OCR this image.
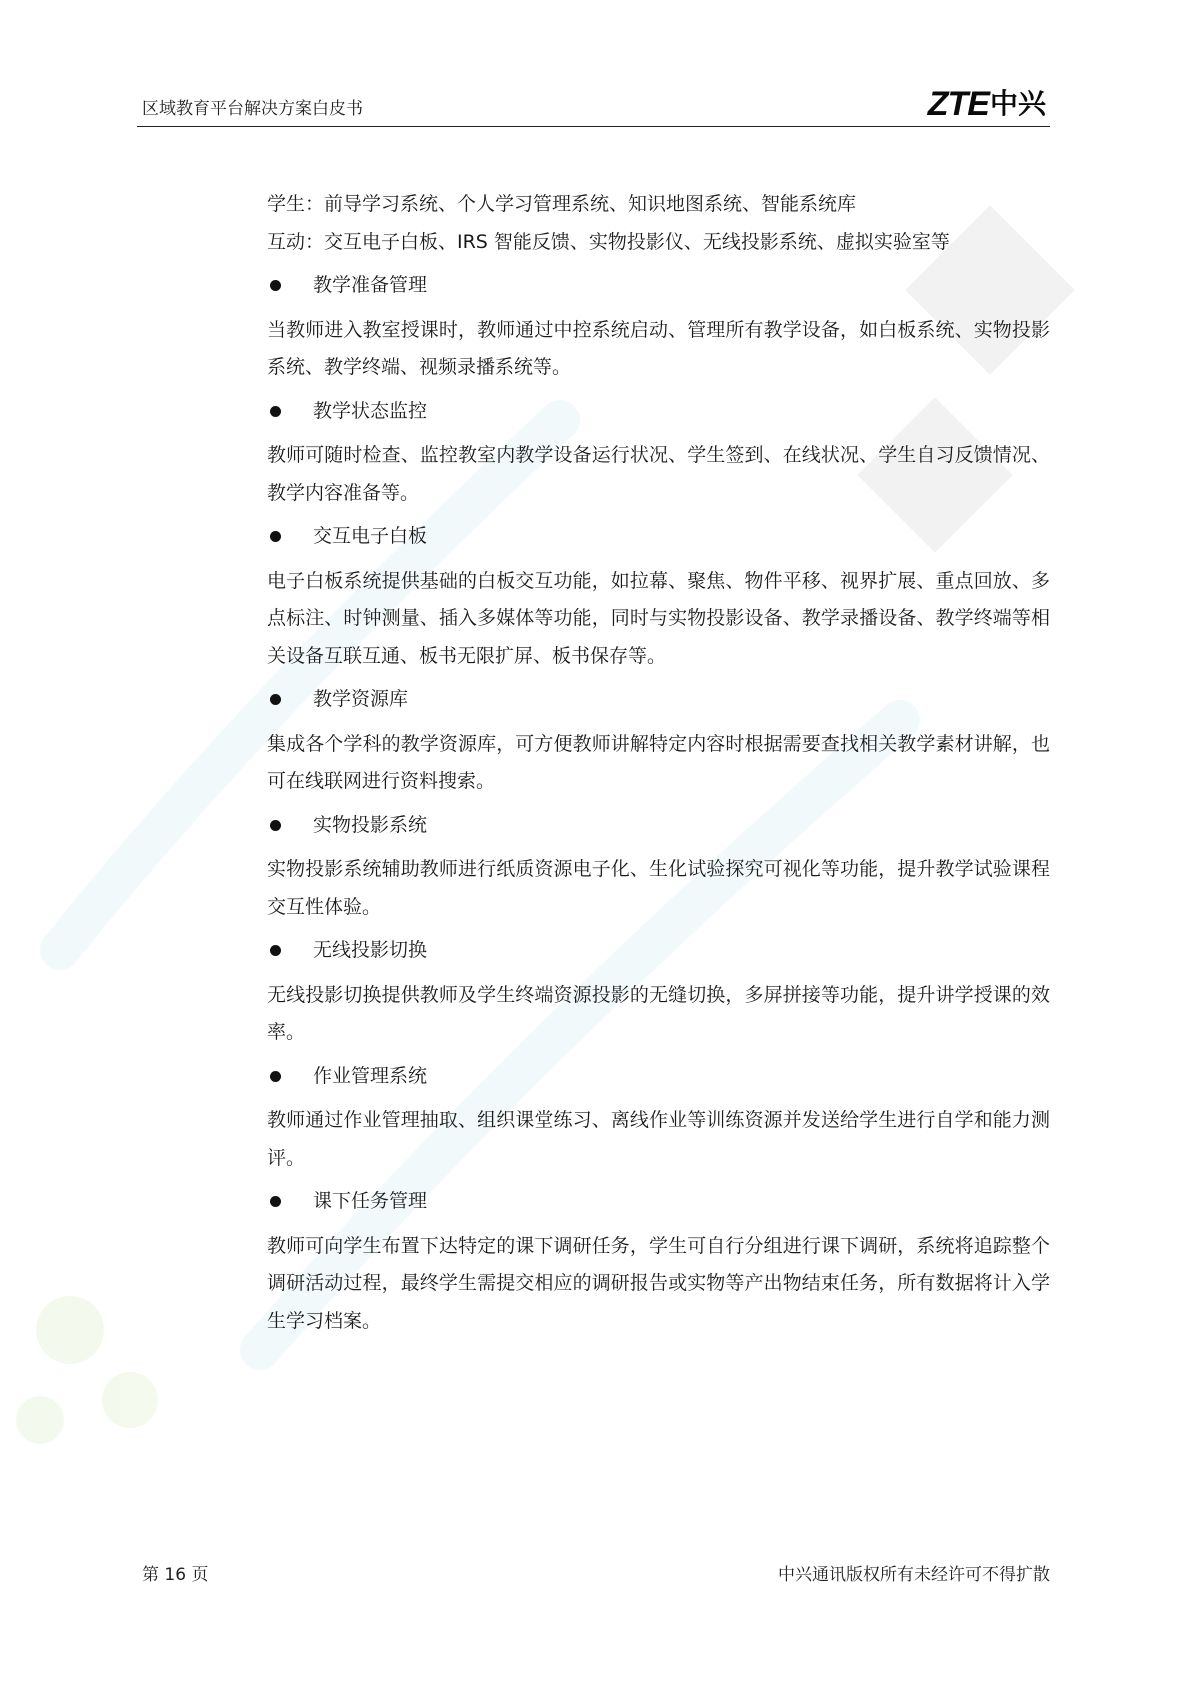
区域教育平台解决方案白皮书	ZTE 中兴

学生：前导学习系统、个人学习管理系统、知识地图系统、智能系统库

互动：交互电子白板、IRS 智能反馈、实物投影仪、无线投影系统、虚拟实验室等

教学准备管理

当教师进入教室授课时，教师通过中控系统启动、管理所有教学设备，如白板系统、实物投影系统、教学终端、视频录播系统等。

教学状态监控

教师可随时检查、监控教室内教学设备运行状况、学生签到、在线状况、学生自习反馈情况、教学内容准备等。

交互电子白板

电子白板系统提供基础的白板交互功能，如拉幕、聚焦、物件平移、视界扩展、重点回放、多点标注、时钟测量、插入多媒体等功能，同时与实物投影设备、教学录播设备、教学终端等相关设备互联互通、板书无限扩屏、板书保存等。

教学资源库

集成各个学科的教学资源库，可方便教师讲解特定内容时根据需要查找相关教学素材讲解，也可在线联网进行资料搜索。

实物投影系统

实物投影系统辅助教师进行纸质资源电子化、生化试验探究可视化等功能，提升教学试验课程交互性体验。

无线投影切换

无线投影切换提供教师及学生终端资源投影的无缝切换，多屏拼接等功能，提升讲学授课的效率。

作业管理系统

教师通过作业管理抽取、组织课堂练习、离线作业等训练资源并发送给学生进行自学和能力测评。

课下任务管理

教师可向学生布置下达特定的课下调研任务，学生可自行分组进行课下调研，系统将追踪整个调研活动过程，最终学生需提交相应的调研报告或实物等产出物结束任务，所有数据将计入学生学习档案。

第 16 页	中兴通讯版权所有未经许可不得扩散
